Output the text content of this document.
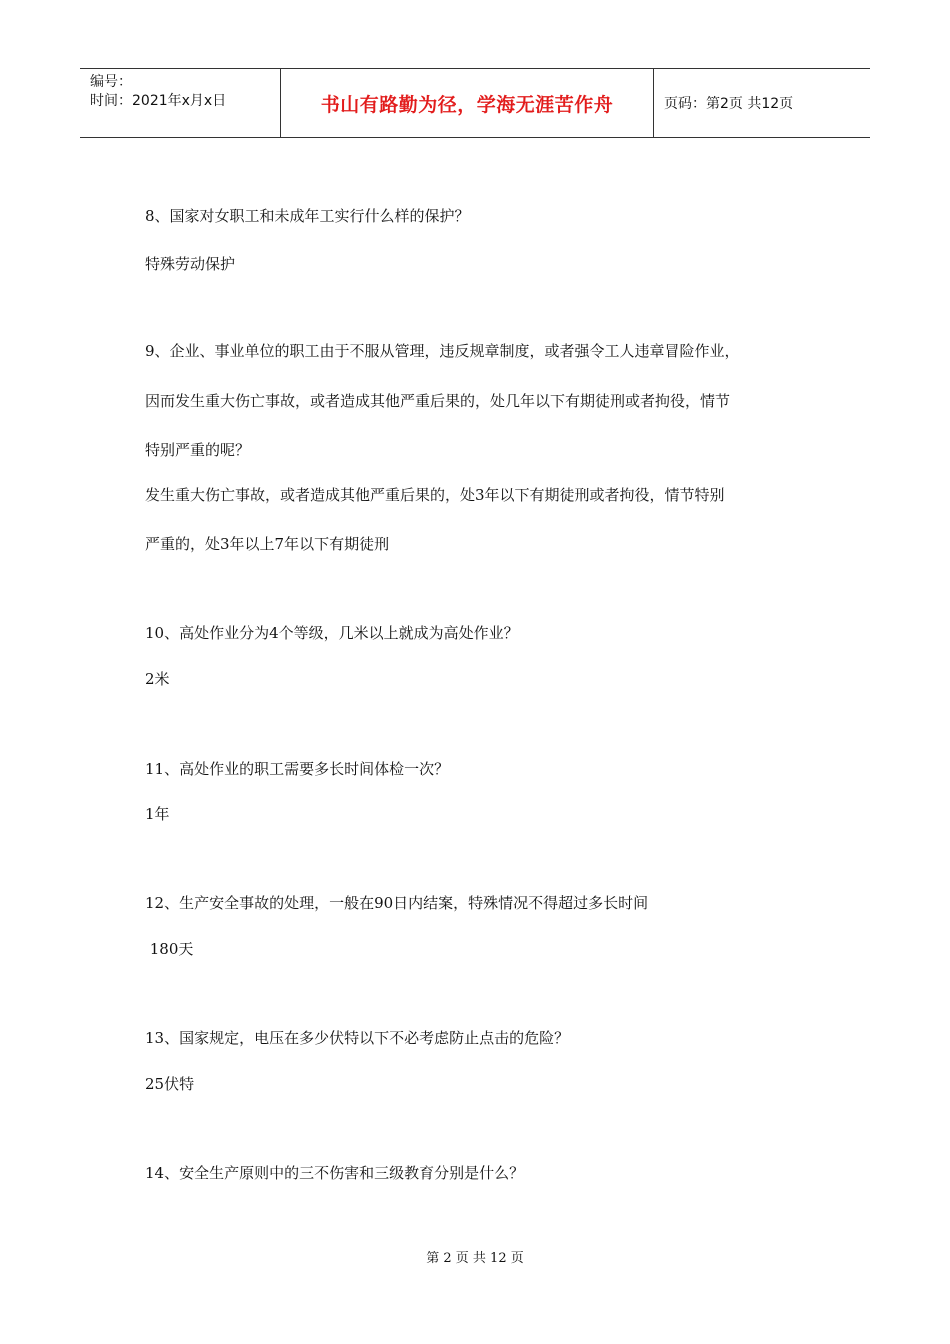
编号：
时间：2021年x月x日	书山有路勤为径，学海无涯苦作舟	页码：第2页 共12页
8、国家对女职工和未成年工实行什么样的保护？
特殊劳动保护
9、企业、事业单位的职工由于不服从管理，违反规章制度，或者强令工人违章冒险作业，
因而发生重大伤亡事故，或者造成其他严重后果的，处几年以下有期徒刑或者拘役，情节
特别严重的呢？
发生重大伤亡事故，或者造成其他严重后果的，处3年以下有期徒刑或者拘役，情节特别
严重的，处3年以上7年以下有期徒刑
10、高处作业分为4个等级，几米以上就成为高处作业？
2米
11、高处作业的职工需要多长时间体检一次？
1年
12、生产安全事故的处理，一般在90日内结案，特殊情况不得超过多长时间
180天
13、国家规定，电压在多少伏特以下不必考虑防止点击的危险？
25伏特
14、安全生产原则中的三不伤害和三级教育分别是什么？
第 2 页 共 12 页
